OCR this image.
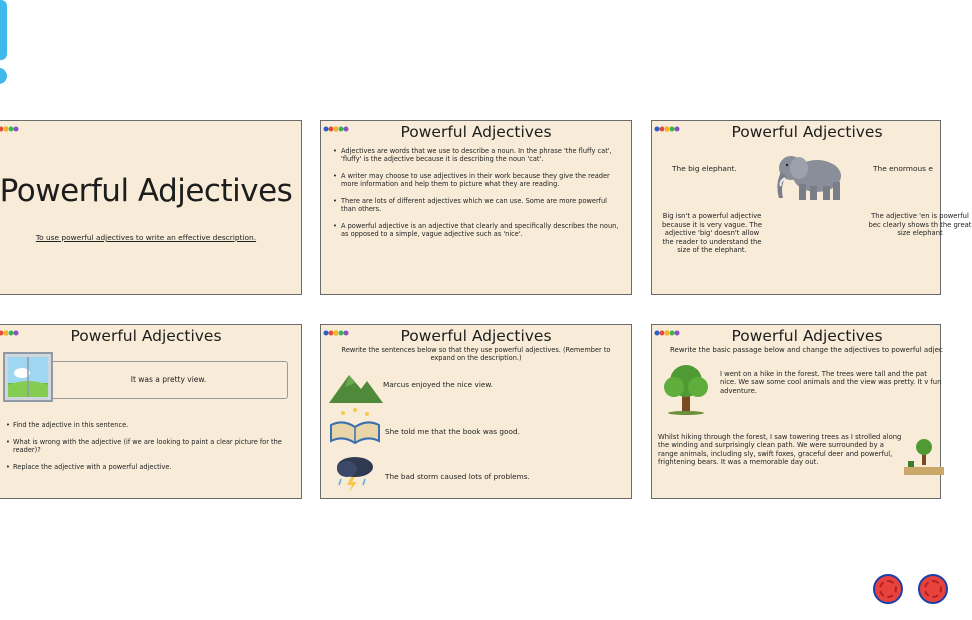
Powerful Adjectives
To use powerful adjectives to write an effective description.
Powerful Adjectives
• Adjectives are words that we use to describe a noun. In the phrase 'the fluffy cat', 'fluffy' is the adjective because it is describing the noun 'cat'.
• A writer may choose to use adjectives in their work because they give the reader more information and help them to picture what they are reading.
• There are lots of different adjectives which we can use. Some are more powerful than others.
• A powerful adjective is an adjective that clearly and specifically describes the noun, as opposed to a simple, vague adjective such as 'nice'.
Powerful Adjectives
The big elephant.	The enormous e
Big isn't a powerful adjective because it is very vague. The adjective 'big' doesn't allow the reader to understand the size of the elephant.
The adjective 'en is powerful bec clearly shows th the great size elephant
Powerful Adjectives
It was a pretty view.
• Find the adjective in this sentence.
• What is wrong with the adjective (if we are looking to paint a clear picture for the reader)?
• Replace the adjective with a powerful adjective.
Powerful Adjectives
Rewrite the sentences below so that they use powerful adjectives. (Remember to expand on the description.)
Marcus enjoyed the nice view.
She told me that the book was good.
The bad storm caused lots of problems.
Powerful Adjectives
Rewrite the basic passage below and change the adjectives to powerful adjec
I went on a hike in the forest. The trees were tall and the pat nice. We saw some cool animals and the view was pretty. It v fun adventure.
Whilst hiking through the forest, I saw towering trees as I strolled along the winding and surprisingly clean path. We were surrounded by a range animals, including sly, swift foxes, graceful deer and powerful, frightening bears. It was a memorable day out.
